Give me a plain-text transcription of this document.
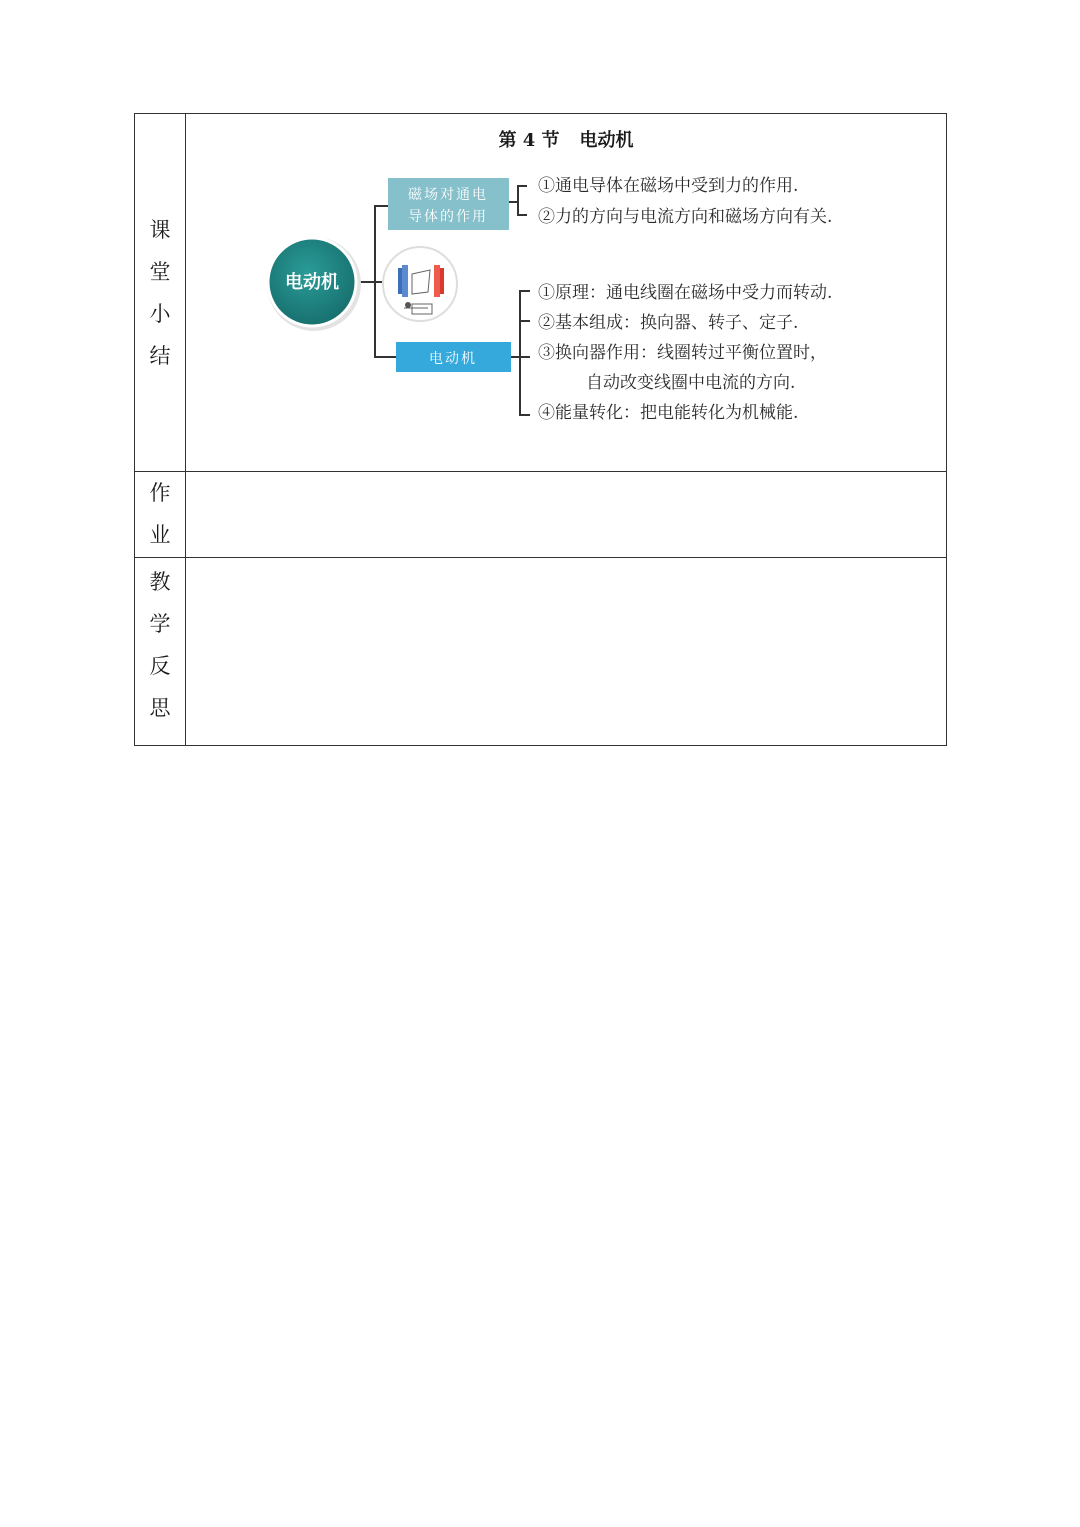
课
堂
小
结
第 4 节 电动机
电动机
磁场对通电
导体的作用
电动机
①通电导体在磁场中受到力的作用.
②力的方向与电流方向和磁场方向有关.
①原理：通电线圈在磁场中受力而转动.
②基本组成：换向器、转子、定子.
③换向器作用：线圈转过平衡位置时，
自动改变线圈中电流的方向.
④能量转化：把电能转化为机械能.
作
业
教
学
反
思
